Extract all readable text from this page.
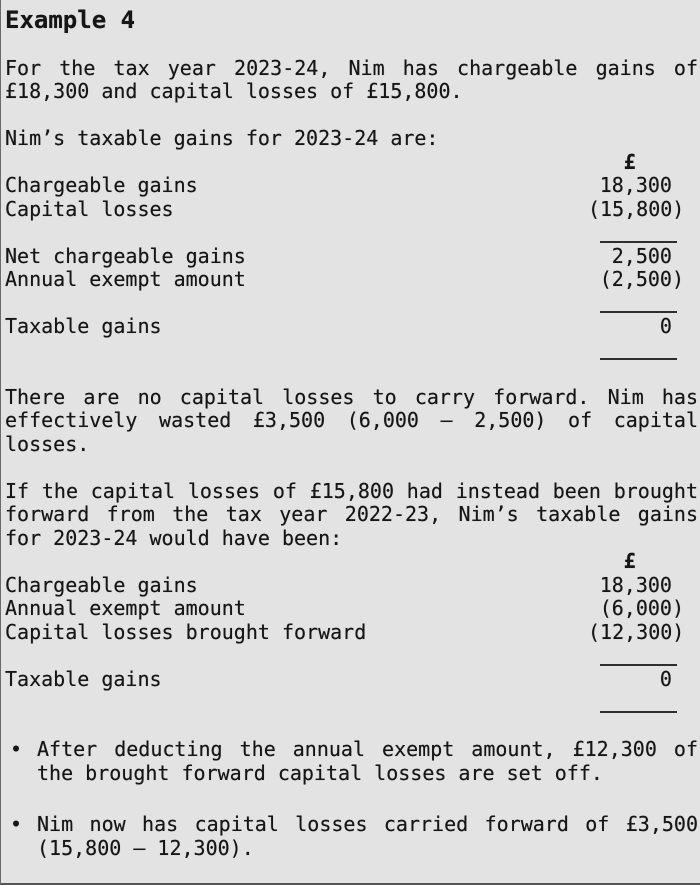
Example 4

For the tax year 2023-24, Nim has chargeable gains of £18,300 and capital losses of £15,800.

Nim’s taxable gains for 2023-24 are:

£
Chargeable gains	18,300
Capital losses	(15,800)
Net chargeable gains	2,500
Annual exempt amount	(2,500)
Taxable gains	0

There are no capital losses to carry forward. Nim has effectively wasted £3,500 (6,000 – 2,500) of capital losses.

If the capital losses of £15,800 had instead been brought forward from the tax year 2022-23, Nim’s taxable gains for 2023-24 would have been:

£
Chargeable gains	18,300
Annual exempt amount	(6,000)
Capital losses brought forward	(12,300)
Taxable gains	0
• After deducting the annual exempt amount, £12,300 of the brought forward capital losses are set off.
• Nim now has capital losses carried forward of £3,500 (15,800 – 12,300).
